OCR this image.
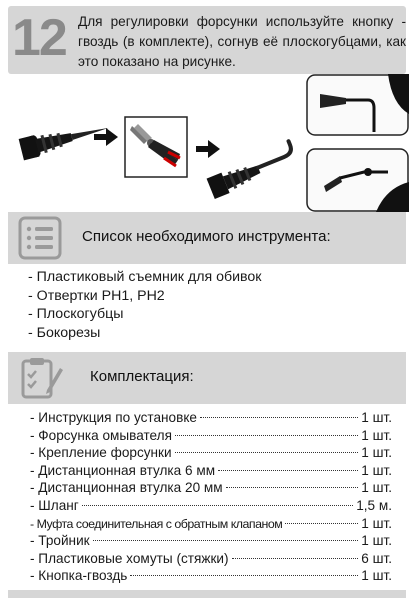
12 Для регулировки форсунки используйте кнопку - гвоздь (в комплекте), согнув её плоскогубцами, как это показано на рисунке.
Список необходимого инструмента:
- Пластиковый съемник для обивок
- Отвертки PH1, PH2
- Плоскогубцы
- Бокорезы
Комплектация:
- Инструкция по установке	1 шт.
- Форсунка омывателя	1 шт.
- Крепление форсунки	1 шт.
- Дистанционная втулка 6 мм	1 шт.
- Дистанционная втулка 20 мм	1 шт.
- Шланг	1,5 м.
- Муфта соединительная с обратным клапаном	1 шт.
- Тройник	1 шт.
- Пластиковые хомуты (стяжки)	6 шт.
- Кнопка-гвоздь	1 шт.
